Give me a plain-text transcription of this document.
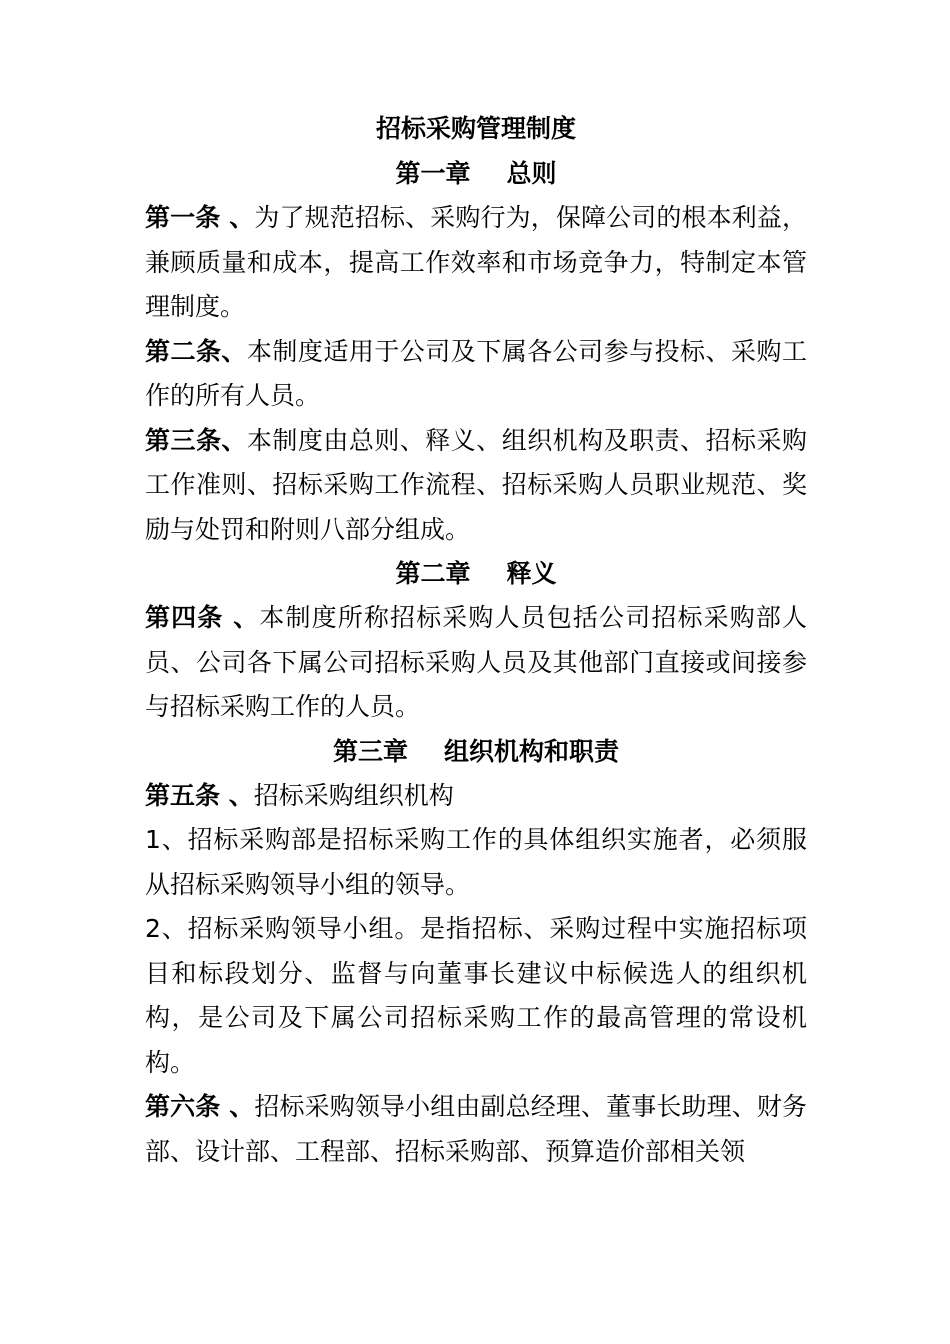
招标采购管理制度
第一章 总则

第一条 、为了规范招标、采购行为，保障公司的根本利益，兼顾质量和成本，提高工作效率和市场竞争力，特制定本管理制度。

第二条、本制度适用于公司及下属各公司参与投标、采购工作的所有人员。

第三条、本制度由总则、释义、组织机构及职责、招标采购工作准则、招标采购工作流程、招标采购人员职业规范、奖励与处罚和附则八部分组成。

第二章 释义

第四条 、本制度所称招标采购人员包括公司招标采购部人员、公司各下属公司招标采购人员及其他部门直接或间接参与招标采购工作的人员。

第三章 组织机构和职责

第五条 、招标采购组织机构

1、招标采购部是招标采购工作的具体组织实施者，必须服从招标采购领导小组的领导。

2、招标采购领导小组。是指招标、采购过程中实施招标项目和标段划分、监督与向董事长建议中标候选人的组织机构，是公司及下属公司招标采购工作的最高管理的常设机构。

第六条 、招标采购领导小组由副总经理、董事长助理、财务部、设计部、工程部、招标采购部、预算造价部相关领
